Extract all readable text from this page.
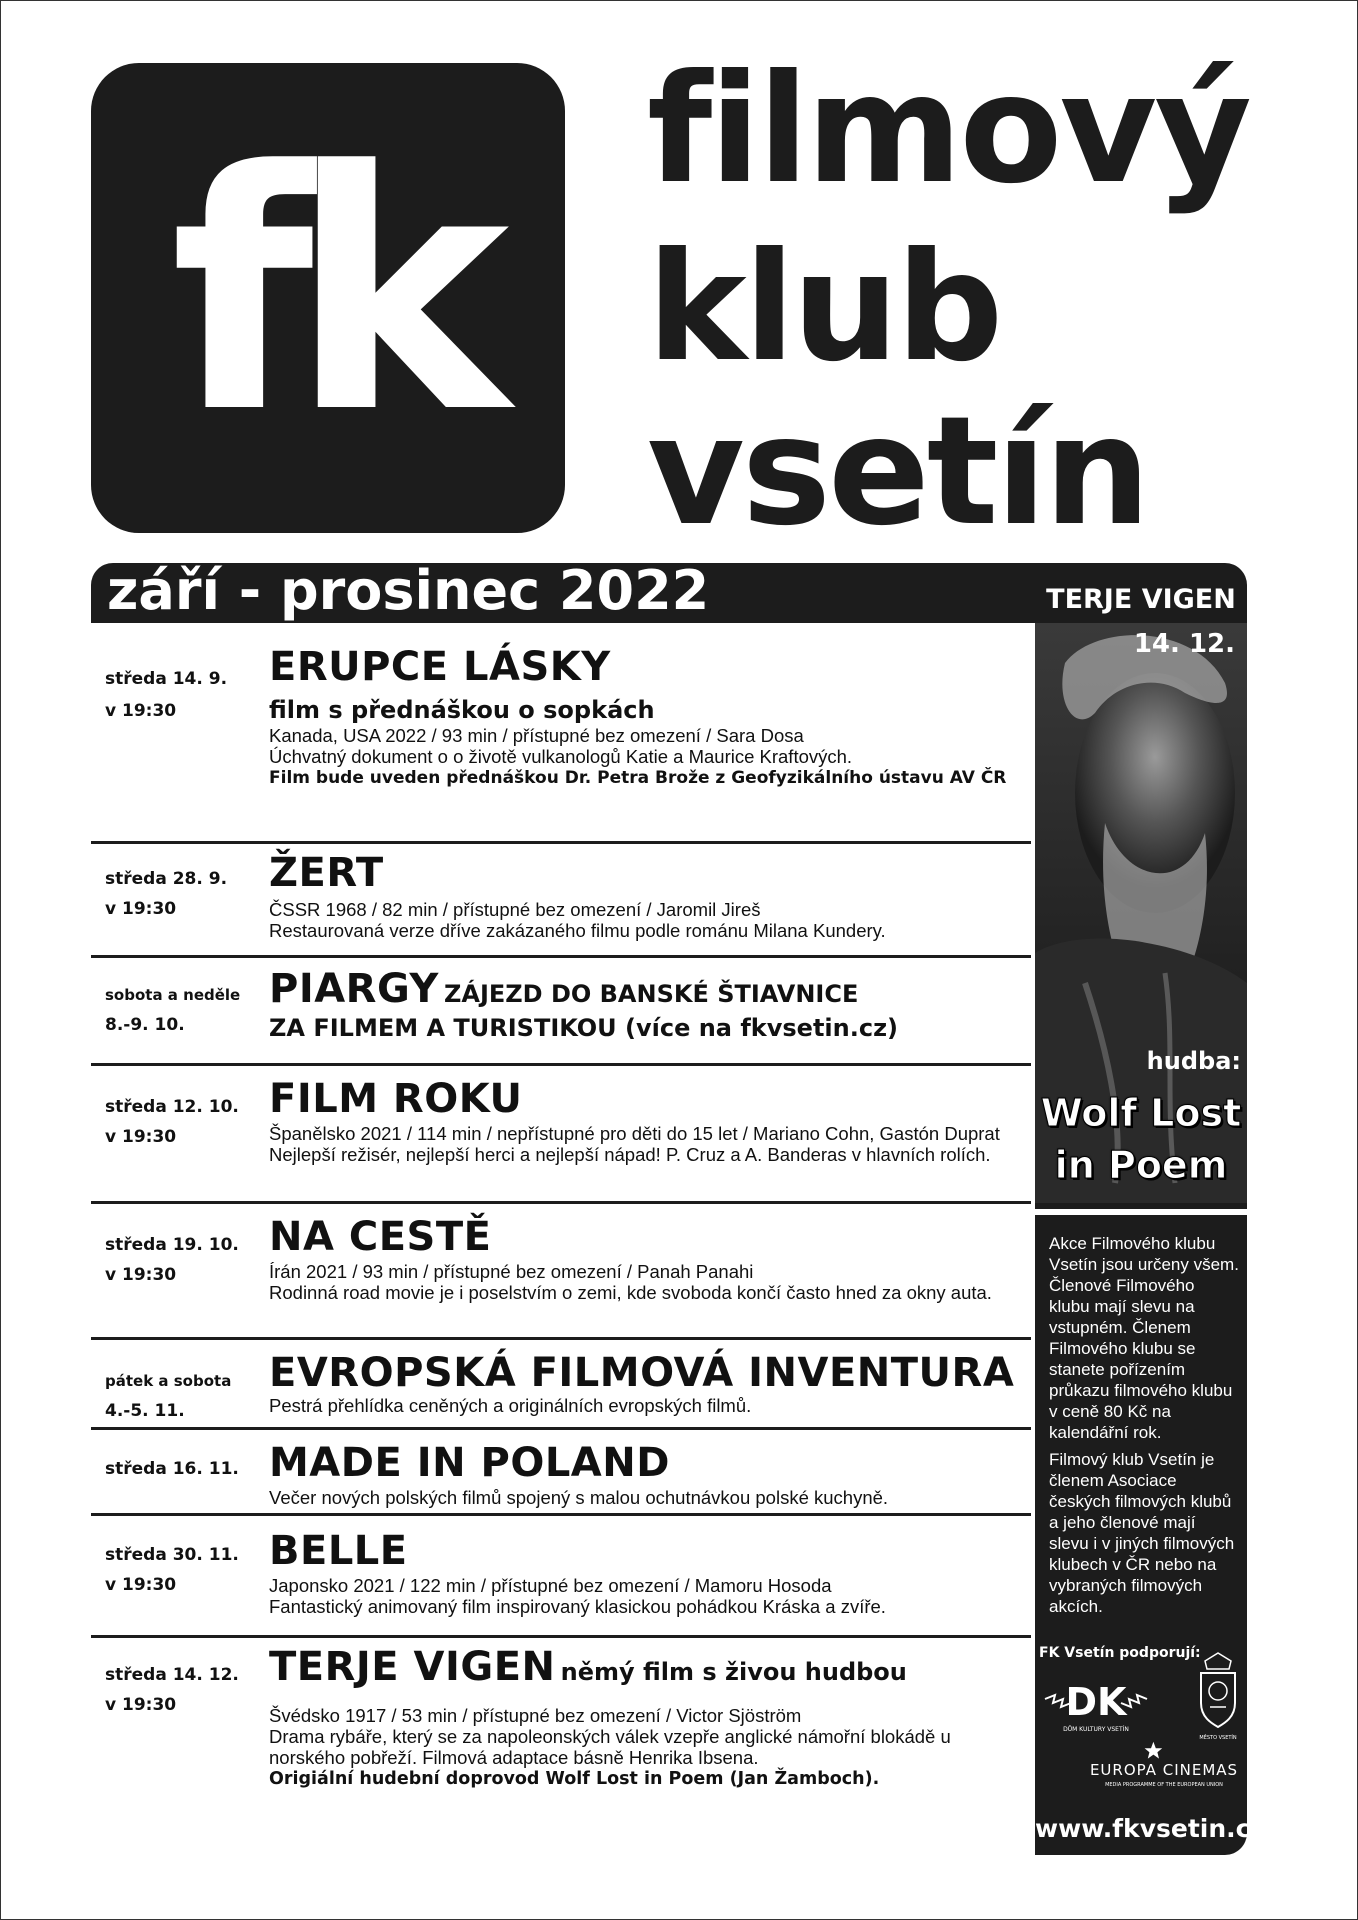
fk	filmový
klub
vsetín
září - prosinec 2022
středa 14. 9.
v 19:30
ERUPCE LÁSKY
film s přednáškou o sopkách
Kanada, USA 2022 / 93 min / přístupné bez omezení / Sara Dosa
Úchvatný dokument o o životě vulkanologů Katie a Maurice Kraftových.
Film bude uveden přednáškou Dr. Petra Brože z Geofyzikálního ústavu AV ČR
středa 28. 9.
v 19:30
ŽERT
ČSSR 1968 / 82 min / přístupné bez omezení / Jaromil Jireš
Restaurovaná verze dříve zakázaného filmu podle románu Milana Kundery.
sobota a neděle
8.-9. 10.
PIARGY ZÁJEZD DO BANSKÉ ŠTIAVNICE
ZA FILMEM A TURISTIKOU (více na fkvsetin.cz)
středa 12. 10.
v 19:30
FILM ROKU
Španělsko 2021 / 114 min / nepřístupné pro děti do 15 let / Mariano Cohn, Gastón Duprat Nejlepší režisér, nejlepší herci a nejlepší nápad! P. Cruz a A. Banderas v hlavních rolích.
středa 19. 10.
v 19:30
NA CESTĚ
Írán 2021 / 93 min / přístupné bez omezení / Panah Panahi
Rodinná road movie je i poselstvím o zemi, kde svoboda končí často hned za okny auta.
pátek a sobota
4.-5. 11.
EVROPSKÁ FILMOVÁ INVENTURA
Pestrá přehlídka ceněných a originálních evropských filmů.
středa 16. 11. MADE IN POLAND
Večer nových polských filmů spojený s malou ochutnávkou polské kuchyně.
středa 30. 11.
v 19:30
BELLE
Japonsko 2021 / 122 min / přístupné bez omezení / Mamoru Hosoda
Fantastický animovaný film inspirovaný klasickou pohádkou Kráska a zvíře.
středa 14. 12.
v 19:30
TERJE VIGEN němý film s živou hudbou
Švédsko 1917 / 53 min / přístupné bez omezení / Victor Sjöström
Drama rybáře, který se za napoleonských válek vzepře anglické námořní blokádě u norského pobřeží. Filmová adaptace básně Henrika Ibsena.
Origiální hudební doprovod Wolf Lost in Poem (Jan Žamboch).
TERJE VIGEN
14. 12.
hudba:
Wolf Lost in Poem
Akce Filmového klubu Vsetín jsou určeny všem. Členové Filmového klubu mají slevu na vstupném. Členem Filmového klubu se stanete pořízením průkazu filmového klubu v ceně 80 Kč na kalendářní rok.
Filmový klub Vsetín je členem Asociace českých filmových klubů a jeho členové mají slevu i v jiných filmových klubech v ČR nebo na vybraných filmových akcích.
FK Vsetín podporují:
DK
DŮM KULTURY VSETÍN
MĚSTO VSETÍN
EUROPA CINEMAS
MEDIA PROGRAMME OF THE EUROPEAN UNION
www.fkvsetin.cz
